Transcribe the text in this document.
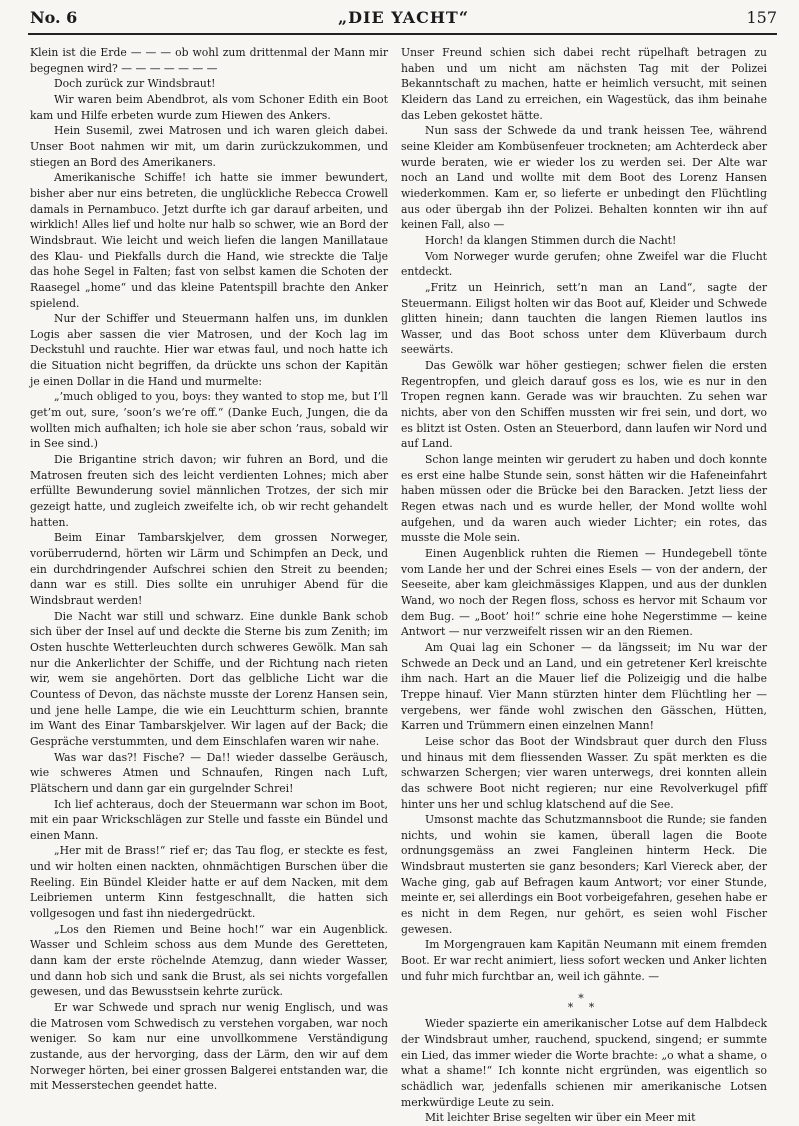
No. 6	„DIE YACHT“	157

Klein ist die Erde — — — ob wohl zum drittenmal der Mann mir begegnen wird? — — — — — — —

Doch zurück zur Windsbraut!

Wir waren beim Abendbrot, als vom Schoner Edith ein Boot kam und Hilfe erbeten wurde zum Hiewen des Ankers.

Hein Susemil, zwei Matrosen und ich waren gleich dabei. Unser Boot nahmen wir mit, um darin zurückzukommen, und stiegen an Bord des Amerikaners.

Amerikanische Schiffe! ich hatte sie immer bewundert, bisher aber nur eins betreten, die unglückliche Rebecca Crowell damals in Pernambuco. Jetzt durfte ich gar darauf arbeiten, und wirklich! Alles lief und holte nur halb so schwer, wie an Bord der Windsbraut. Wie leicht und weich liefen die langen Manillataue des Klau- und Piekfalls durch die Hand, wie streckte die Talje das hohe Segel in Falten; fast von selbst kamen die Schoten der Raasegel „home“ und das kleine Patentspill brachte den Anker spielend.

Nur der Schiffer und Steuermann halfen uns, im dunklen Logis aber sassen die vier Matrosen, und der Koch lag im Deckstuhl und rauchte. Hier war etwas faul, und noch hatte ich die Situation nicht begriffen, da drückte uns schon der Kapitän je einen Dollar in die Hand und murmelte:

„’much obliged to you, boys: they wanted to stop me, but I’ll get’m out, sure, ’soon’s we’re off.“ (Danke Euch, Jungen, die da wollten mich aufhalten; ich hole sie aber schon ’raus, sobald wir in See sind.)

Die Brigantine strich davon; wir fuhren an Bord, und die Matrosen freuten sich des leicht verdienten Lohnes; mich aber erfüllte Bewunderung soviel männlichen Trotzes, der sich mir gezeigt hatte, und zugleich zweifelte ich, ob wir recht gehandelt hatten.

Beim Einar Tambarskjelver, dem grossen Norweger, vorüberrudernd, hörten wir Lärm und Schimpfen an Deck, und ein durchdringender Aufschrei schien den Streit zu beenden; dann war es still. Dies sollte ein unruhiger Abend für die Windsbraut werden!

Die Nacht war still und schwarz. Eine dunkle Bank schob sich über der Insel auf und deckte die Sterne bis zum Zenith; im Osten huschte Wetterleuchten durch schweres Gewölk. Man sah nur die Ankerlichter der Schiffe, und der Richtung nach rieten wir, wem sie angehörten. Dort das gelbliche Licht war die Countess of Devon, das nächste musste der Lorenz Hansen sein, und jene helle Lampe, die wie ein Leuchtturm schien, brannte im Want des Einar Tambarskjelver. Wir lagen auf der Back; die Gespräche verstummten, und dem Einschlafen waren wir nahe.

Was war das?! Fische? — Da!! wieder dasselbe Geräusch, wie schweres Atmen und Schnaufen, Ringen nach Luft, Plätschern und dann gar ein gurgelnder Schrei!

Ich lief achteraus, doch der Steuermann war schon im Boot, mit ein paar Wrickschlägen zur Stelle und fasste ein Bündel und einen Mann.

„Her mit de Brass!“ rief er; das Tau flog, er steckte es fest, und wir holten einen nackten, ohnmächtigen Burschen über die Reeling. Ein Bündel Kleider hatte er auf dem Nacken, mit dem Leibriemen unterm Kinn festgeschnallt, die hatten sich vollgesogen und fast ihn niedergedrückt.

„Los den Riemen und Beine hoch!“ war ein Augenblick. Wasser und Schleim schoss aus dem Munde des Geretteten, dann kam der erste röchelnde Atemzug, dann wieder Wasser, und dann hob sich und sank die Brust, als sei nichts vorgefallen gewesen, und das Bewusstsein kehrte zurück.

Er war Schwede und sprach nur wenig Englisch, und was die Matrosen vom Schwedisch zu verstehen vorgaben, war noch weniger. So kam nur eine unvollkommene Verständigung zustande, aus der hervorging, dass der Lärm, den wir auf dem Norweger hörten, bei einer grossen Balgerei entstanden war, die mit Messerstechen geendet hatte.

Unser Freund schien sich dabei recht rüpelhaft betragen zu haben und um nicht am nächsten Tag mit der Polizei Bekanntschaft zu machen, hatte er heimlich versucht, mit seinen Kleidern das Land zu erreichen, ein Wagestück, das ihm beinahe das Leben gekostet hätte.

Nun sass der Schwede da und trank heissen Tee, während seine Kleider am Kombüsenfeuer trockneten; am Achterdeck aber wurde beraten, wie er wieder los zu werden sei. Der Alte war noch an Land und wollte mit dem Boot des Lorenz Hansen wiederkommen. Kam er, so lieferte er unbedingt den Flüchtling aus oder übergab ihn der Polizei. Behalten konnten wir ihn auf keinen Fall, also —

Horch! da klangen Stimmen durch die Nacht!

Vom Norweger wurde gerufen; ohne Zweifel war die Flucht entdeckt.

„Fritz un Heinrich, sett’n man an Land“, sagte der Steuermann. Eiligst holten wir das Boot auf, Kleider und Schwede glitten hinein; dann tauchten die langen Riemen lautlos ins Wasser, und das Boot schoss unter dem Klüverbaum durch seewärts.

Das Gewölk war höher gestiegen; schwer fielen die ersten Regentropfen, und gleich darauf goss es los, wie es nur in den Tropen regnen kann. Gerade was wir brauchten. Zu sehen war nichts, aber von den Schiffen mussten wir frei sein, und dort, wo es blitzt ist Osten. Osten an Steuerbord, dann laufen wir Nord und auf Land.

Schon lange meinten wir gerudert zu haben und doch konnte es erst eine halbe Stunde sein, sonst hätten wir die Hafeneinfahrt haben müssen oder die Brücke bei den Baracken. Jetzt liess der Regen etwas nach und es wurde heller, der Mond wollte wohl aufgehen, und da waren auch wieder Lichter; ein rotes, das musste die Mole sein.

Einen Augenblick ruhten die Riemen — Hundegebell tönte vom Lande her und der Schrei eines Esels — von der andern, der Seeseite, aber kam gleichmässiges Klappen, und aus der dunklen Wand, wo noch der Regen floss, schoss es hervor mit Schaum vor dem Bug. — „Boot’ hoi!“ schrie eine hohe Negerstimme — keine Antwort — nur verzweifelt rissen wir an den Riemen.

Am Quai lag ein Schoner — da längsseit; im Nu war der Schwede an Deck und an Land, und ein getretener Kerl kreischte ihm nach. Hart an die Mauer lief die Polizeigig und die halbe Treppe hinauf. Vier Mann stürzten hinter dem Flüchtling her — vergebens, wer fände wohl zwischen den Gässchen, Hütten, Karren und Trümmern einen einzelnen Mann!

Leise schor das Boot der Windsbraut quer durch den Fluss und hinaus mit dem fliessenden Wasser. Zu spät merkten es die schwarzen Schergen; vier waren unterwegs, drei konnten allein das schwere Boot nicht regieren; nur eine Revolverkugel pfiff hinter uns her und schlug klatschend auf die See.

Umsonst machte das Schutzmannsboot die Runde; sie fanden nichts, und wohin sie kamen, überall lagen die Boote ordnungsgemäss an zwei Fangleinen hinterm Heck. Die Windsbraut musterten sie ganz besonders; Karl Viereck aber, der Wache ging, gab auf Befragen kaum Antwort; vor einer Stunde, meinte er, sei allerdings ein Boot vorbeigefahren, gesehen habe er es nicht in dem Regen, nur gehört, es seien wohl Fischer gewesen.

Im Morgengrauen kam Kapitän Neumann mit einem fremden Boot. Er war recht animiert, liess sofort wecken und Anker lichten und fuhr mich furchtbar an, weil ich gähnte. —

*
* *

Wieder spazierte ein amerikanischer Lotse auf dem Halbdeck der Windsbraut umher, rauchend, spuckend, singend; er summte ein Lied, das immer wieder die Worte brachte: „o what a shame, o what a shame!“ Ich konnte nicht ergründen, was eigentlich so schädlich war, jedenfalls schienen mir amerikanische Lotsen merkwürdige Leute zu sein.

Mit leichter Brise segelten wir über ein Meer mit
